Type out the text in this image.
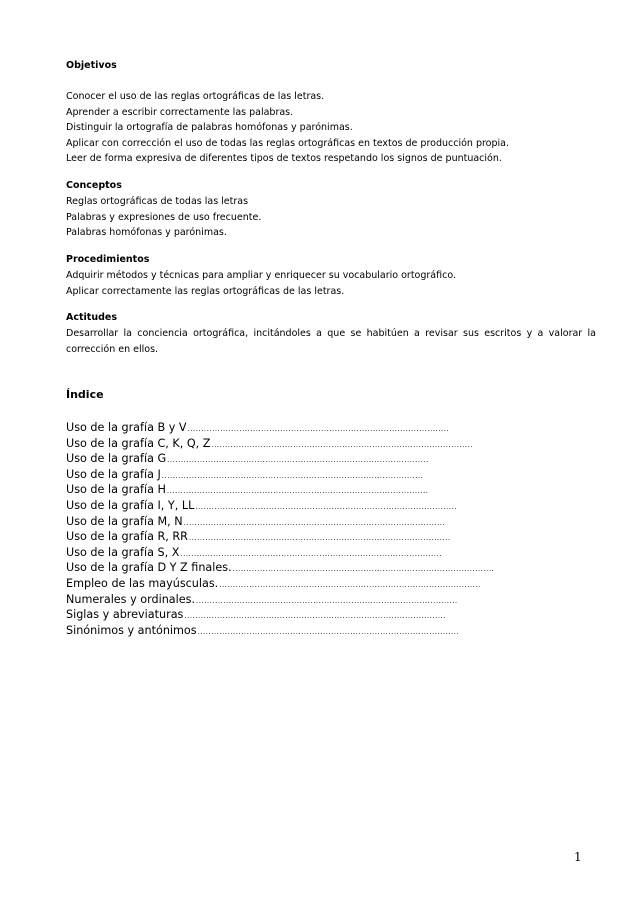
Objetivos
Conocer el uso de las reglas ortográficas de las letras.
Aprender a escribir correctamente las palabras.
Distinguir la ortografía de palabras homófonas y parónimas.
Aplicar con corrección el uso de todas las reglas ortográficas en textos de producción propia.
Leer de forma expresiva de diferentes tipos de textos respetando los signos de puntuación.
Conceptos
Reglas ortográficas de todas las letras
Palabras y expresiones de uso frecuente.
Palabras homófonas y parónimas.
Procedimientos
Adquirir métodos y técnicas para ampliar y enriquecer su vocabulario ortográfico.
Aplicar correctamente las reglas ortográficas de las letras.
Actitudes
Desarrollar la conciencia ortográfica, incitándoles a que se habitúen a revisar sus escritos y a valorar la corrección en ellos.
Índice
Uso de la grafía B y V ................................................................................................
Uso de la grafía C, K, Q, Z ................................................................................................
Uso de la grafía G ................................................................................................
Uso de la grafía J ................................................................................................
Uso de la grafía H ................................................................................................
Uso de la grafía I, Y, LL ................................................................................................
Uso de la grafía M, N ................................................................................................
Uso de la grafía R, RR ................................................................................................
Uso de la grafía S, X ................................................................................................
Uso de la grafía D Y Z finales. ................................................................................................
Empleo de las mayúsculas. ................................................................................................
Numerales y ordinales. ................................................................................................
Siglas y abreviaturas ................................................................................................
Sinónimos y antónimos ................................................................................................
1
